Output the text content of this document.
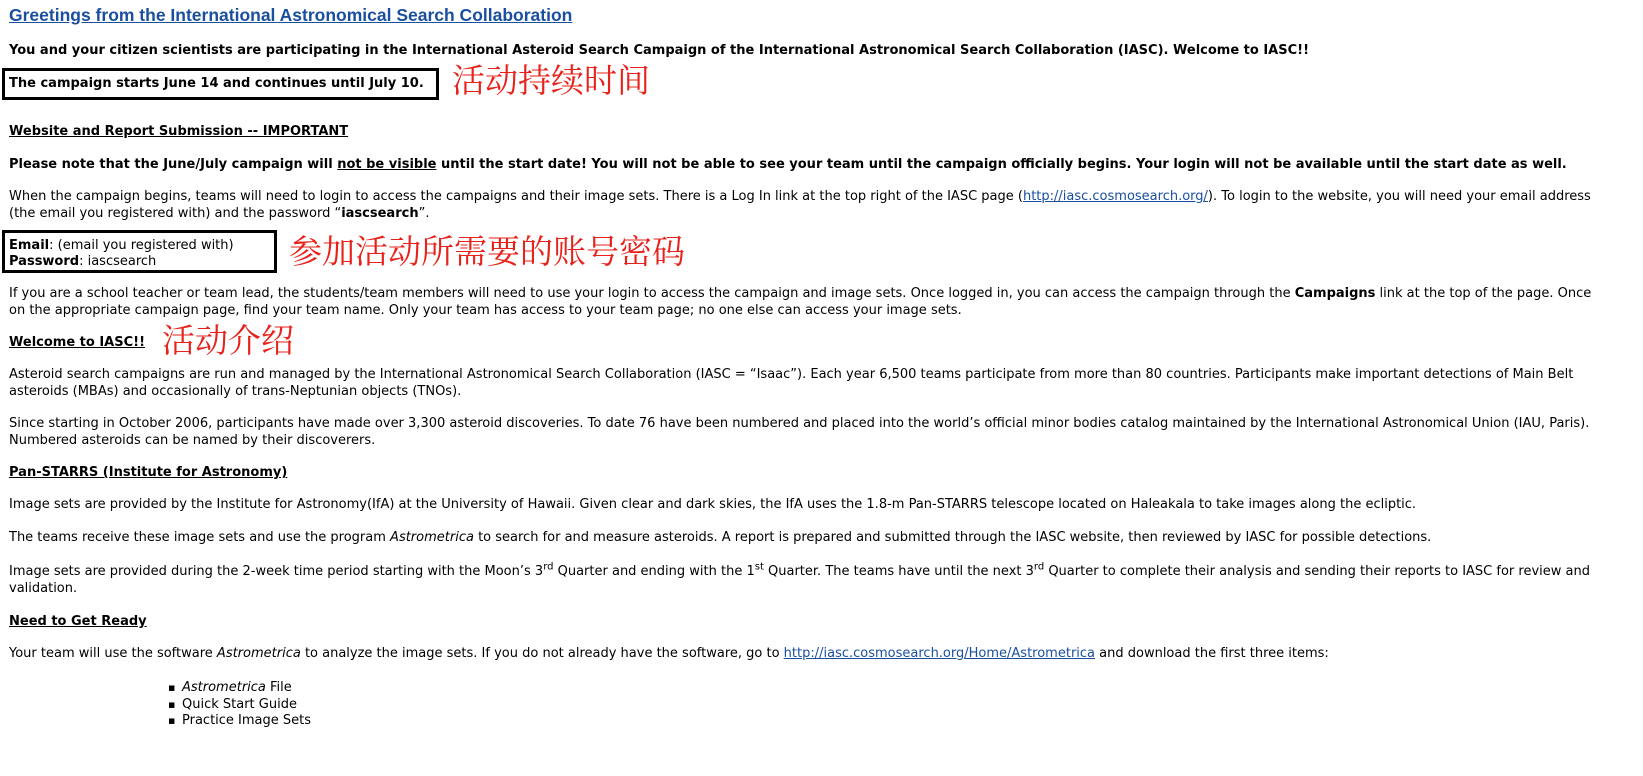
Greetings from the International Astronomical Search Collaboration
You and your citizen scientists are participating in the International Asteroid Search Campaign of the International Astronomical Search Collaboration (IASC). Welcome to IASC!!
The campaign starts June 14 and continues until July 10. 活动持续时间
Website and Report Submission -- IMPORTANT
Please note that the June/July campaign will not be visible until the start date! You will not be able to see your team until the campaign officially begins. Your login will not be available until the start date as well.
When the campaign begins, teams will need to login to access the campaigns and their image sets. There is a Log In link at the top right of the IASC page (http://iasc.cosmosearch.org/). To login to the website, you will need your email address (the email you registered with) and the password “iascsearch”.
Email: (email you registered with)
Password: iascsearch	参加活动所需要的账号密码
If you are a school teacher or team lead, the students/team members will need to use your login to access the campaign and image sets. Once logged in, you can access the campaign through the Campaigns link at the top of the page. Once on the appropriate campaign page, find your team name. Only your team has access to your team page; no one else can access your image sets.
Welcome to IASC!! 活动介绍
Asteroid search campaigns are run and managed by the International Astronomical Search Collaboration (IASC = “Isaac”). Each year 6,500 teams participate from more than 80 countries. Participants make important detections of Main Belt asteroids (MBAs) and occasionally of trans-Neptunian objects (TNOs).
Since starting in October 2006, participants have made over 3,300 asteroid discoveries. To date 76 have been numbered and placed into the world’s official minor bodies catalog maintained by the International Astronomical Union (IAU, Paris). Numbered asteroids can be named by their discoverers.
Pan-STARRS (Institute for Astronomy)
Image sets are provided by the Institute for Astronomy(IfA) at the University of Hawaii. Given clear and dark skies, the IfA uses the 1.8-m Pan-STARRS telescope located on Haleakala to take images along the ecliptic.
The teams receive these image sets and use the program Astrometrica to search for and measure asteroids. A report is prepared and submitted through the IASC website, then reviewed by IASC for possible detections.
Image sets are provided during the 2-week time period starting with the Moon’s 3rd Quarter and ending with the 1st Quarter. The teams have until the next 3rd Quarter to complete their analysis and sending their reports to IASC for review and validation.
Need to Get Ready
Your team will use the software Astrometrica to analyze the image sets. If you do not already have the software, go to http://iasc.cosmosearch.org/Home/Astrometrica and download the first three items:
▪ Astrometrica File
▪ Quick Start Guide
▪ Practice Image Sets
